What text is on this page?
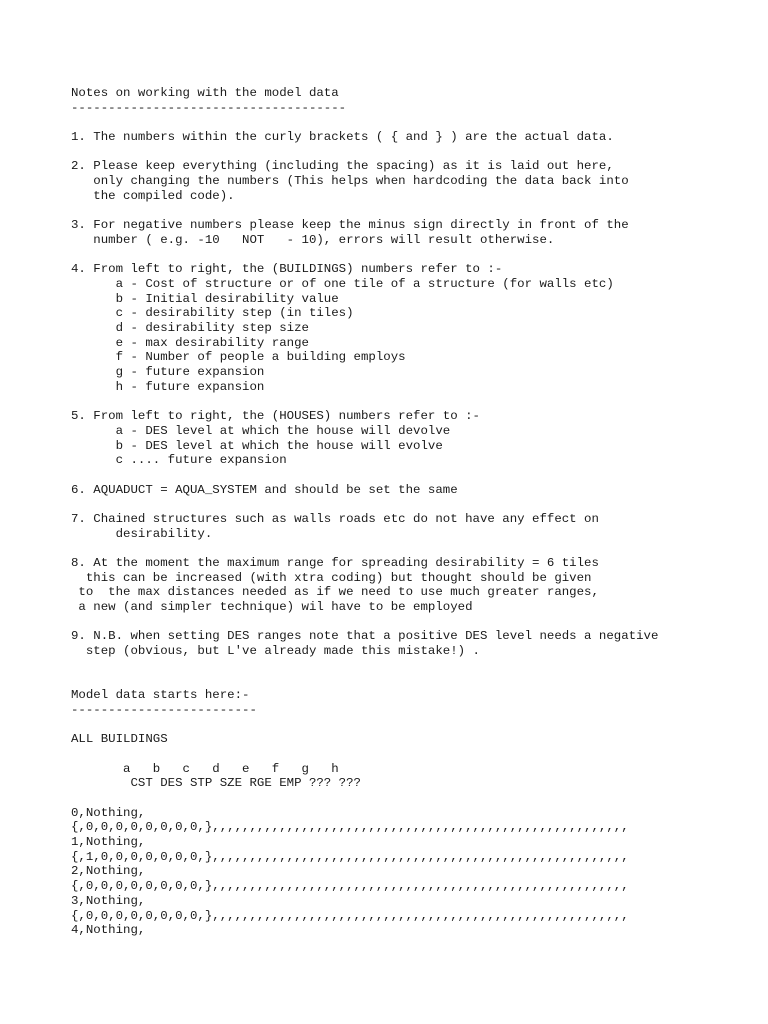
Notes on working with the model data
-------------------------------------

1. The numbers within the curly brackets ( { and } ) are the actual data.

2. Please keep everything (including the spacing) as it is laid out here,
only changing the numbers (This helps when hardcoding the data back into
the compiled code).

3. For negative numbers please keep the minus sign directly in front of the
number ( e.g. -10   NOT   - 10), errors will result otherwise.

4. From left to right, the (BUILDINGS) numbers refer to :-
a - Cost of structure or of one tile of a structure (for walls etc)
b - Initial desirability value
c - desirability step (in tiles)
d - desirability step size
e - max desirability range
f - Number of people a building employs
g - future expansion
h - future expansion

5. From left to right, the (HOUSES) numbers refer to :-
a - DES level at which the house will devolve
b - DES level at which the house will evolve
c .... future expansion

6. AQUADUCT = AQUA_SYSTEM and should be set the same

7. Chained structures such as walls roads etc do not have any effect on
desirability.

8. At the moment the maximum range for spreading desirability = 6 tiles
this can be increased (with xtra coding) but thought should be given
to  the max distances needed as if we need to use much greater ranges,
a new (and simpler technique) wil have to be employed

9. N.B. when setting DES ranges note that a positive DES level needs a negative
step (obvious, but L've already made this mistake!) .

Model data starts here:-
-------------------------

ALL BUILDINGS

a   b   c   d   e   f   g   h
CST DES STP SZE RGE EMP ??? ???

0,Nothing,
{,0,0,0,0,0,0,0,0,},,,,,,,,,,,,,,,,,,,,,,,,,,,,,,,,,,,,,,,,,,,,,,,,,,,,,,,,
1,Nothing,
{,1,0,0,0,0,0,0,0,},,,,,,,,,,,,,,,,,,,,,,,,,,,,,,,,,,,,,,,,,,,,,,,,,,,,,,,,
2,Nothing,
{,0,0,0,0,0,0,0,0,},,,,,,,,,,,,,,,,,,,,,,,,,,,,,,,,,,,,,,,,,,,,,,,,,,,,,,,,
3,Nothing,
{,0,0,0,0,0,0,0,0,},,,,,,,,,,,,,,,,,,,,,,,,,,,,,,,,,,,,,,,,,,,,,,,,,,,,,,,,
4,Nothing,
